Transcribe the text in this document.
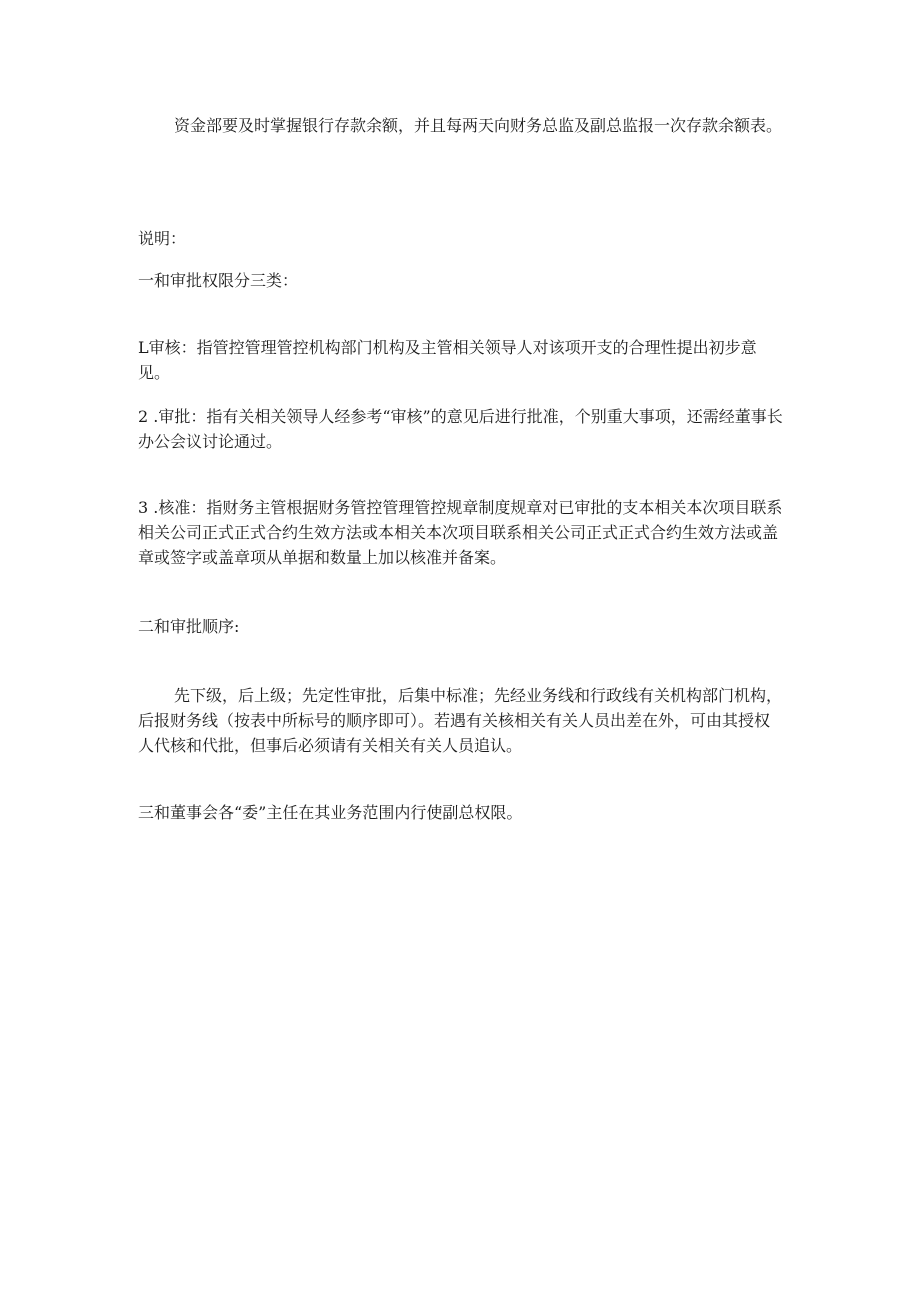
资金部要及时掌握银行存款余额，并且每两天向财务总监及副总监报一次存款余额表。

说明：

一和审批权限分三类：

L审核：指管控管理管控机构部门机构及主管相关领导人对该项开支的合理性提出初步意见。

2 .审批：指有关相关领导人经参考“审核”的意见后进行批准，个别重大事项，还需经董事长办公会议讨论通过。

3 .核准：指财务主管根据财务管控管理管控规章制度规章对已审批的支本相关本次项目联系相关公司正式正式合约生效方法或本相关本次项目联系相关公司正式正式合约生效方法或盖章或签字或盖章项从单据和数量上加以核准并备案。

二和审批顺序:

先下级，后上级；先定性审批，后集中标准；先经业务线和行政线有关机构部门机构，后报财务线（按表中所标号的顺序即可）。若遇有关核相关有关人员出差在外，可由其授权人代核和代批，但事后必须请有关相关有关人员追认。

三和董事会各“委”主任在其业务范围内行使副总权限。
